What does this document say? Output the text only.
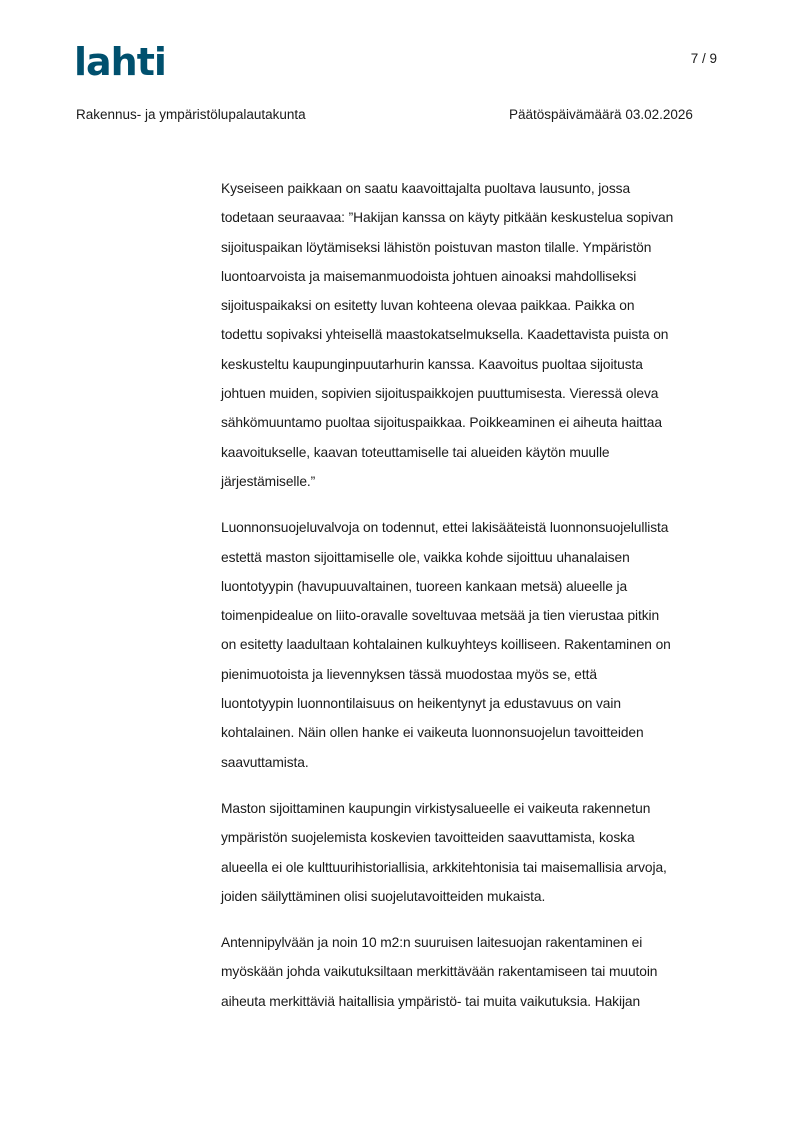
lahti	7 / 9
Rakennus- ja ympäristölupalautakunta	Päätöspäivämäärä 03.02.2026

Kyseiseen paikkaan on saatu kaavoittajalta puoltava lausunto, jossa
todetaan seuraavaa: ”Hakijan kanssa on käyty pitkään keskustelua sopivan
sijoituspaikan löytämiseksi lähistön poistuvan maston tilalle. Ympäristön
luontoarvoista ja maisemanmuodoista johtuen ainoaksi mahdolliseksi
sijoituspaikaksi on esitetty luvan kohteena olevaa paikkaa. Paikka on
todettu sopivaksi yhteisellä maastokatselmuksella. Kaadettavista puista on
keskusteltu kaupunginpuutarhurin kanssa. Kaavoitus puoltaa sijoitusta
johtuen muiden, sopivien sijoituspaikkojen puuttumisesta. Vieressä oleva
sähkömuuntamo puoltaa sijoituspaikkaa. Poikkeaminen ei aiheuta haittaa
kaavoitukselle, kaavan toteuttamiselle tai alueiden käytön muulle
järjestämiselle.”

Luonnonsuojeluvalvoja on todennut, ettei lakisääteistä luonnonsuojelullista
estettä maston sijoittamiselle ole, vaikka kohde sijoittuu uhanalaisen
luontotyypin (havupuuvaltainen, tuoreen kankaan metsä) alueelle ja
toimenpidealue on liito-oravalle soveltuvaa metsää ja tien vierustaa pitkin
on esitetty laadultaan kohtalainen kulkuyhteys koilliseen. Rakentaminen on
pienimuotoista ja lievennyksen tässä muodostaa myös se, että
luontotyypin luonnontilaisuus on heikentynyt ja edustavuus on vain
kohtalainen. Näin ollen hanke ei vaikeuta luonnonsuojelun tavoitteiden
saavuttamista.

Maston sijoittaminen kaupungin virkistysalueelle ei vaikeuta rakennetun
ympäristön suojelemista koskevien tavoitteiden saavuttamista, koska
alueella ei ole kulttuurihistoriallisia, arkkitehtonisia tai maisemallisia arvoja,
joiden säilyttäminen olisi suojelutavoitteiden mukaista.

Antennipylvään ja noin 10 m2:n suuruisen laitesuojan rakentaminen ei
myöskään johda vaikutuksiltaan merkittävään rakentamiseen tai muutoin
aiheuta merkittäviä haitallisia ympäristö- tai muita vaikutuksia. Hakijan
